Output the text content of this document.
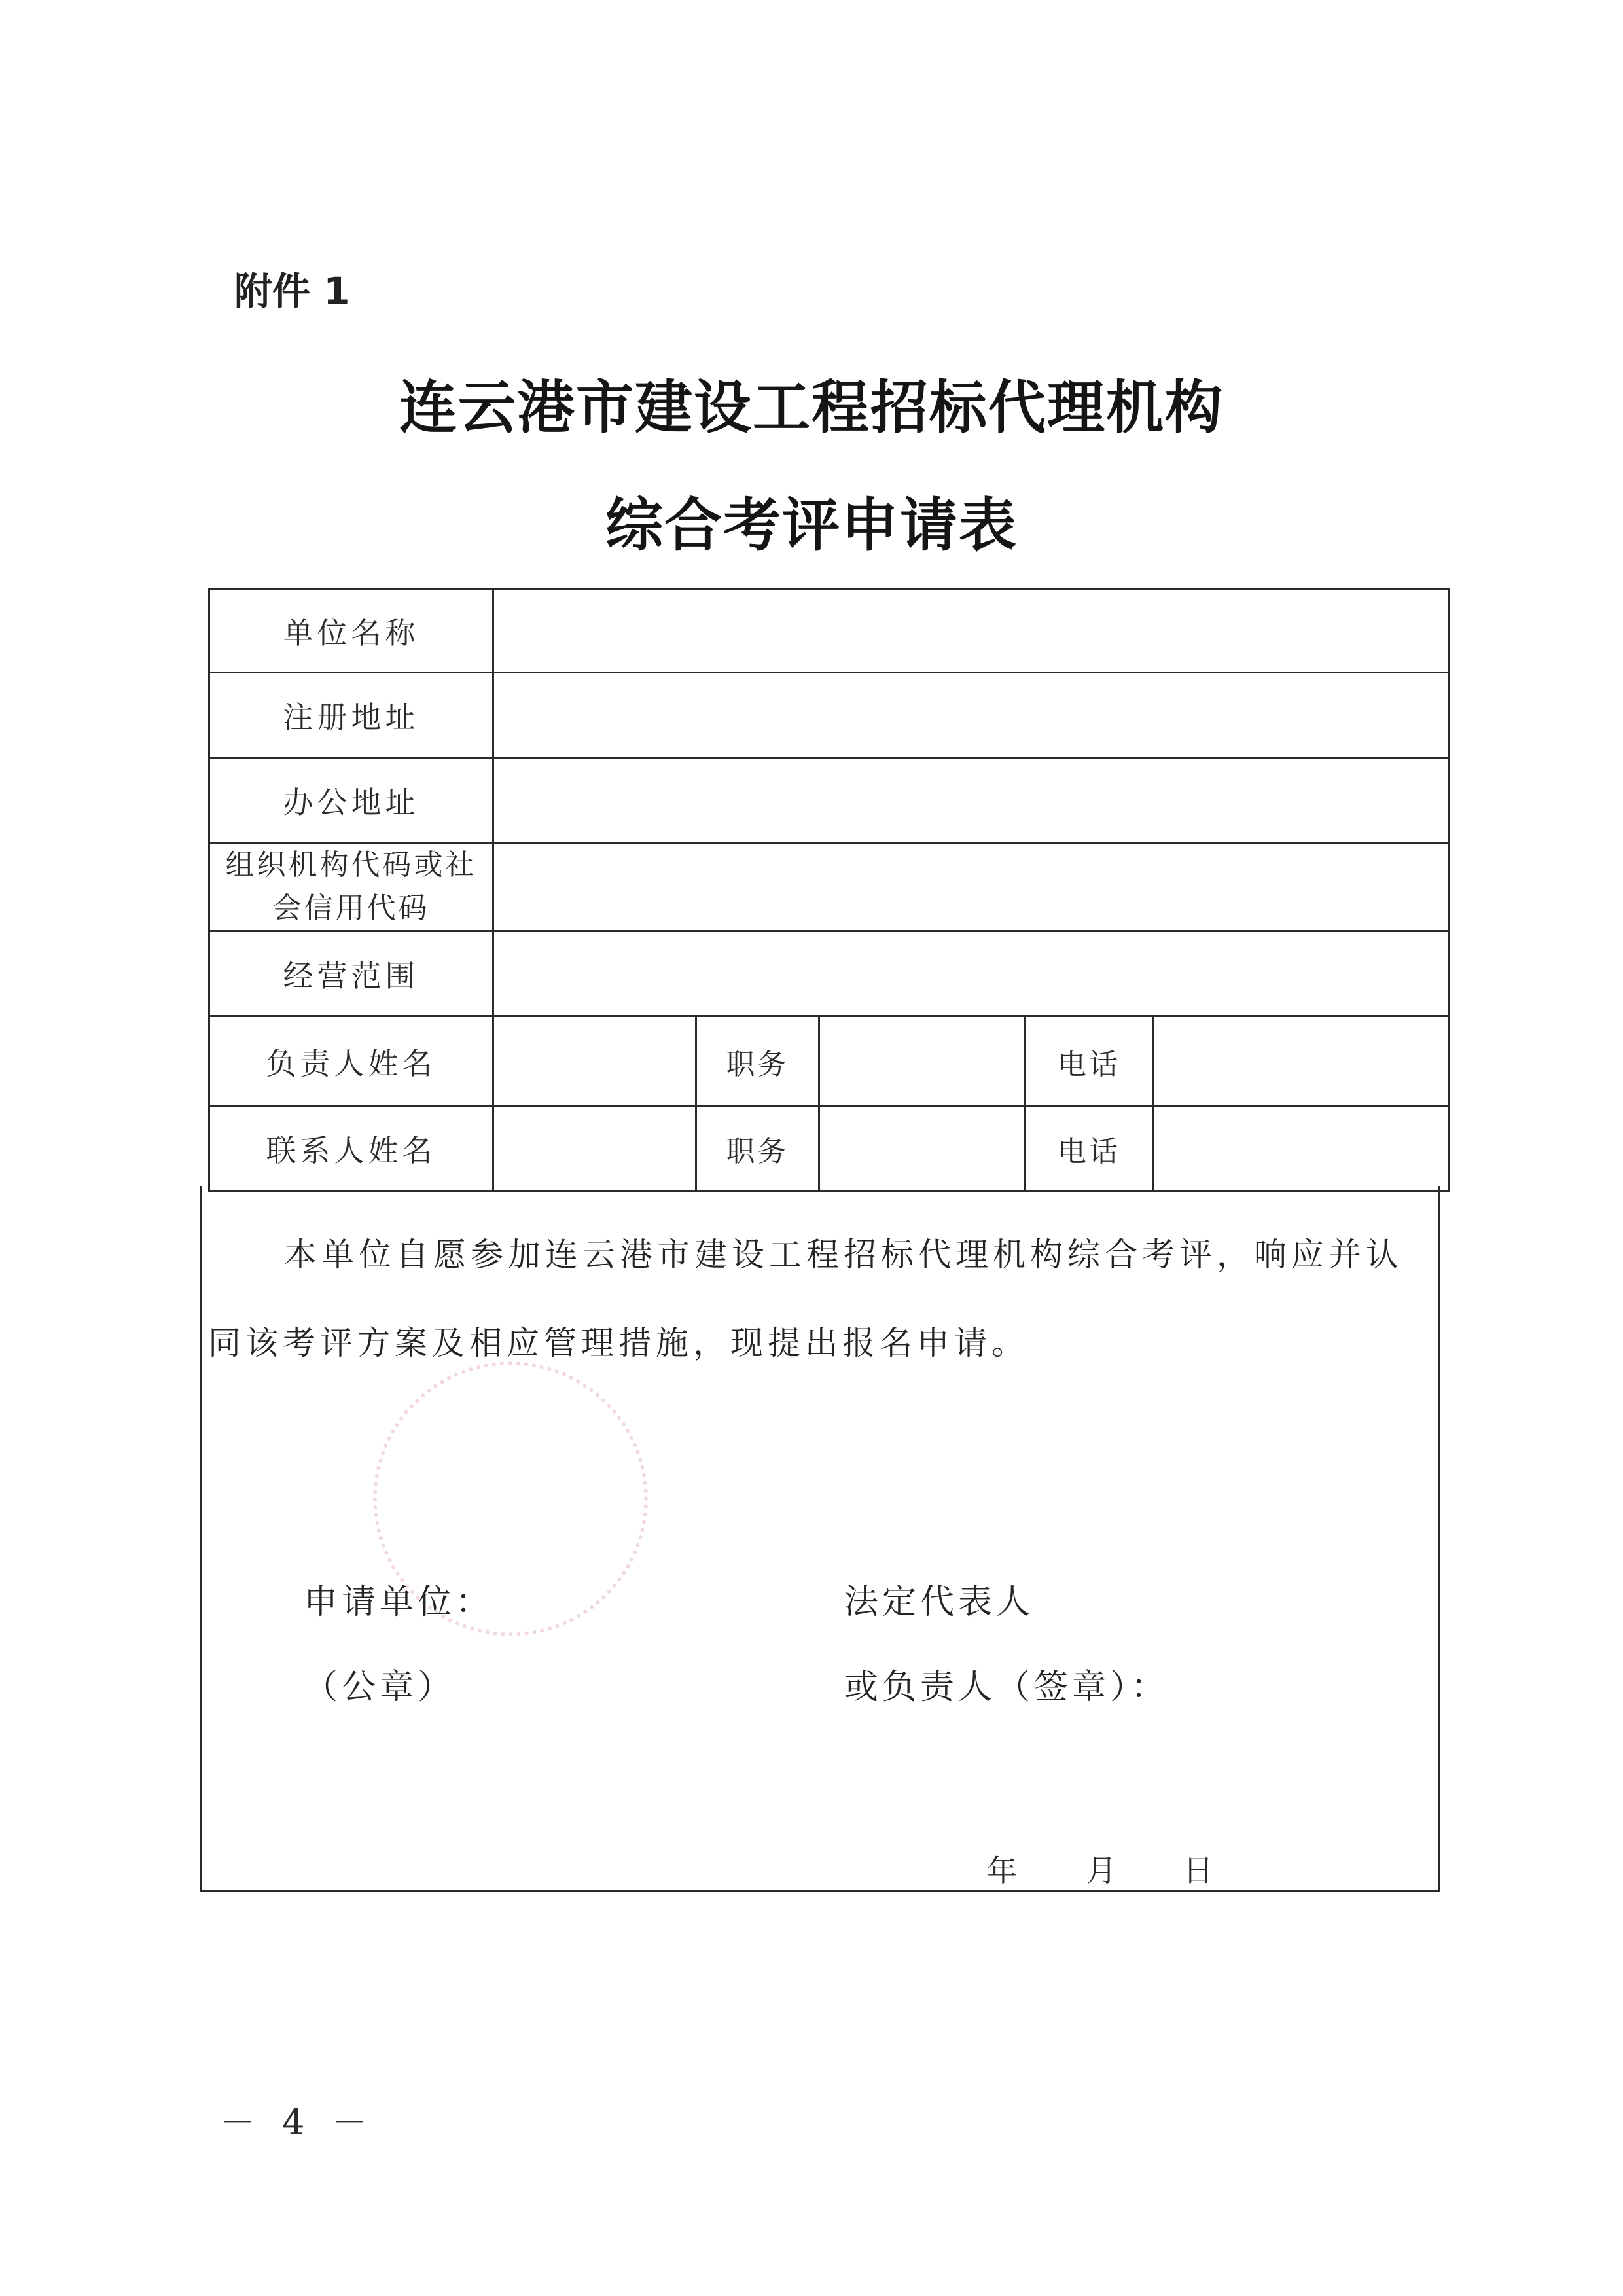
附件 1
连云港市建设工程招标代理机构
综合考评申请表
单位名称					
注册地址					
办公地址					
组织机构代码或社
会信用代码					
经营范围					
负责人姓名		职务		电话	
联系人姓名		职务		电话	

本单位自愿参加连云港市建设工程招标代理机构综合考评，响应并认同该考评方案及相应管理措施，现提出报名申请。

申请单位：
（公章）
法定代表人
或负责人（签章）：
年 月 日
－ 4 －
